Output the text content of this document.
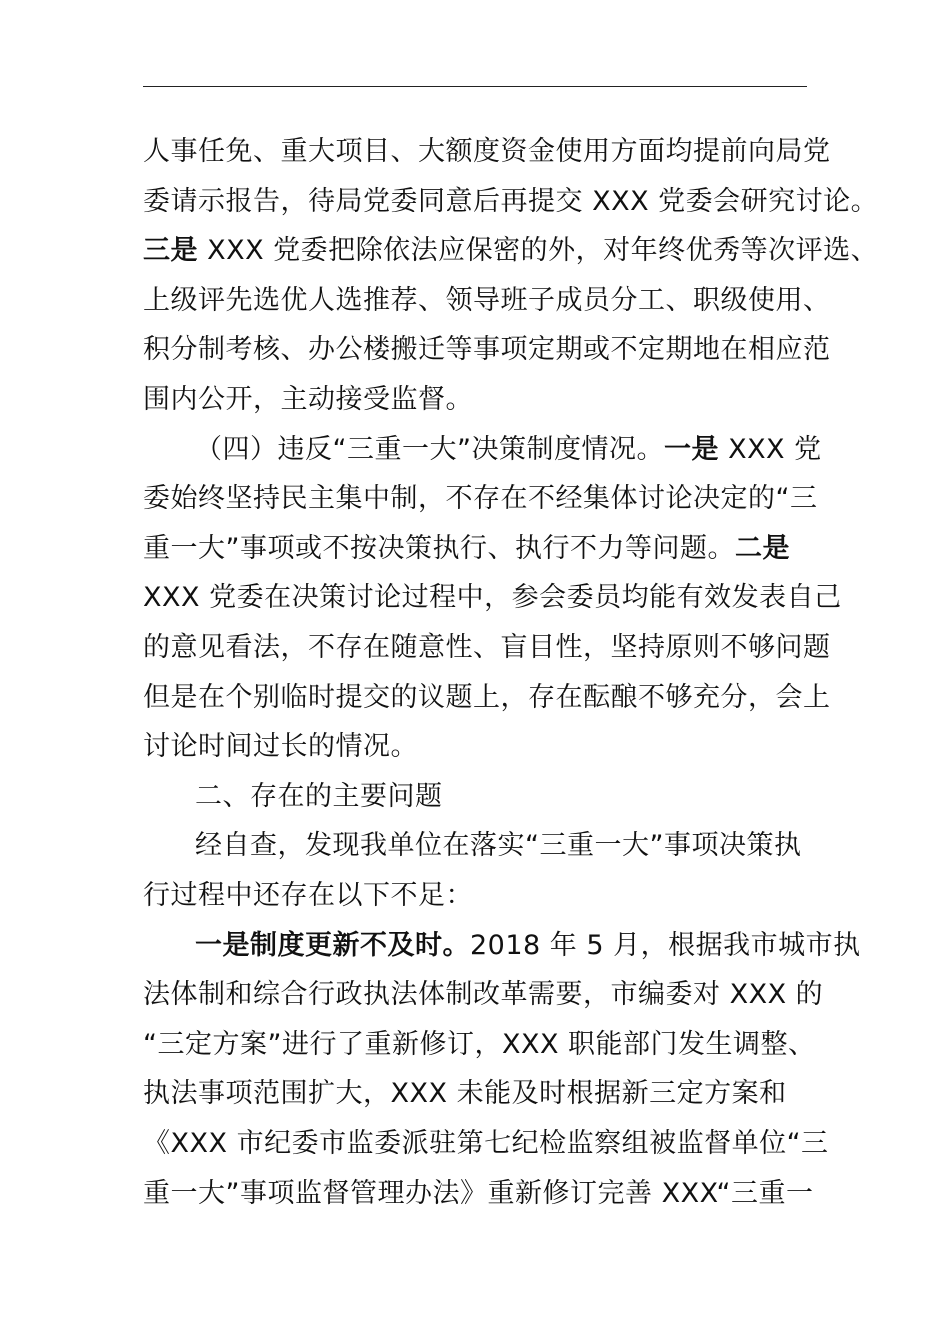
人事任免、重大项目、大额度资金使用方面均提前向局党
委请示报告，待局党委同意后再提交 XXX 党委会研究讨论。
三是 XXX 党委把除依法应保密的外，对年终优秀等次评选、
上级评先选优人选推荐、领导班子成员分工、职级使用、
积分制考核、办公楼搬迁等事项定期或不定期地在相应范
围内公开，主动接受监督。
（四）违反“三重一大”决策制度情况。一是 XXX 党
委始终坚持民主集中制，不存在不经集体讨论决定的“三
重一大”事项或不按决策执行、执行不力等问题。二是
XXX 党委在决策讨论过程中，参会委员均能有效发表自己
的意见看法，不存在随意性、盲目性，坚持原则不够问题
但是在个别临时提交的议题上，存在酝酿不够充分，会上
讨论时间过长的情况。
二、存在的主要问题
经自查，发现我单位在落实“三重一大”事项决策执
行过程中还存在以下不足：
一是制度更新不及时。2018 年 5 月，根据我市城市执
法体制和综合行政执法体制改革需要，市编委对 XXX 的
“三定方案”进行了重新修订，XXX 职能部门发生调整、
执法事项范围扩大，XXX 未能及时根据新三定方案和
《XXX 市纪委市监委派驻第七纪检监察组被监督单位“三
重一大”事项监督管理办法》重新修订完善 XXX“三重一
